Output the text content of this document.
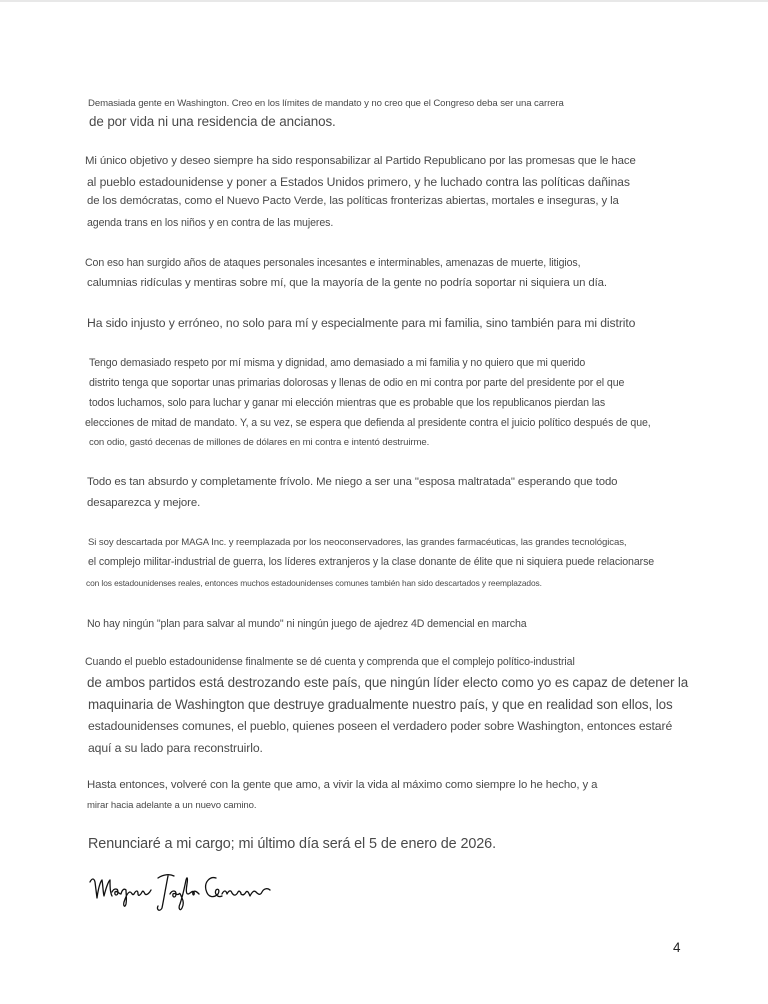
Demasiada gente en Washington. Creo en los límites de mandato y no creo que el Congreso deba ser una carrera
de por vida ni una residencia de ancianos.
Mi único objetivo y deseo siempre ha sido responsabilizar al Partido Republicano por las promesas que le hace
al pueblo estadounidense y poner a Estados Unidos primero, y he luchado contra las políticas dañinas
de los demócratas, como el Nuevo Pacto Verde, las políticas fronterizas abiertas, mortales e inseguras, y la
agenda trans en los niños y en contra de las mujeres.
Con eso han surgido años de ataques personales incesantes e interminables, amenazas de muerte, litigios,
calumnias ridículas y mentiras sobre mí, que la mayoría de la gente no podría soportar ni siquiera un día.
Ha sido injusto y erróneo, no solo para mí y especialmente para mi familia, sino también para mi distrito
Tengo demasiado respeto por mí misma y dignidad, amo demasiado a mi familia y no quiero que mi querido
distrito tenga que soportar unas primarias dolorosas y llenas de odio en mi contra por parte del presidente por el que
todos luchamos, solo para luchar y ganar mi elección mientras que es probable que los republicanos pierdan las
elecciones de mitad de mandato. Y, a su vez, se espera que defienda al presidente contra el juicio político después de que,
con odio, gastó decenas de millones de dólares en mi contra e intentó destruirme.
Todo es tan absurdo y completamente frívolo. Me niego a ser una "esposa maltratada" esperando que todo
desaparezca y mejore.
Si soy descartada por MAGA Inc. y reemplazada por los neoconservadores, las grandes farmacéuticas, las grandes tecnológicas,
el complejo militar-industrial de guerra, los líderes extranjeros y la clase donante de élite que ni siquiera puede relacionarse
con los estadounidenses reales, entonces muchos estadounidenses comunes también han sido descartados y reemplazados.
No hay ningún "plan para salvar al mundo" ni ningún juego de ajedrez 4D demencial en marcha
Cuando el pueblo estadounidense finalmente se dé cuenta y comprenda que el complejo político-industrial
de ambos partidos está destrozando este país, que ningún líder electo como yo es capaz de detener la
maquinaria de Washington que destruye gradualmente nuestro país, y que en realidad son ellos, los
estadounidenses comunes, el pueblo, quienes poseen el verdadero poder sobre Washington, entonces estaré
aquí a su lado para reconstruirlo.
Hasta entonces, volveré con la gente que amo, a vivir la vida al máximo como siempre lo he hecho, y a
mirar hacia adelante a un nuevo camino.
Renunciaré a mi cargo; mi último día será el 5 de enero de 2026.
4
